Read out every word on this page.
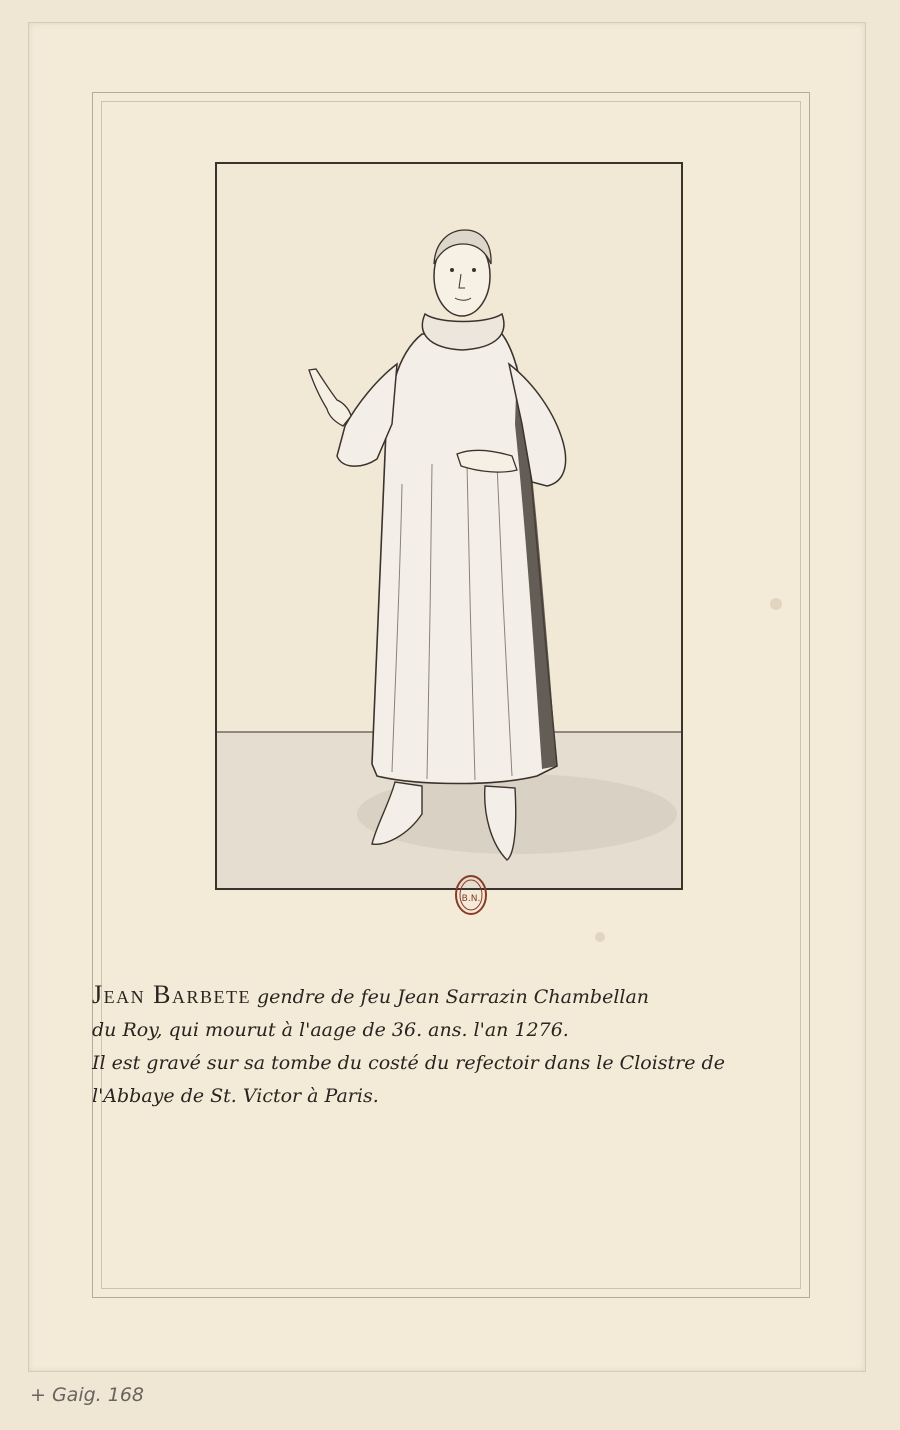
B.N.
Jean Barbete gendre de feu Jean Sarrazin Chambellan
du Roy, qui mourut à l'aage de 36. ans. l'an 1276.
Il est gravé sur sa tombe du costé du refectoir dans le Cloistre de
l'Abbaye de St. Victor à Paris.
+ Gaig. 168
